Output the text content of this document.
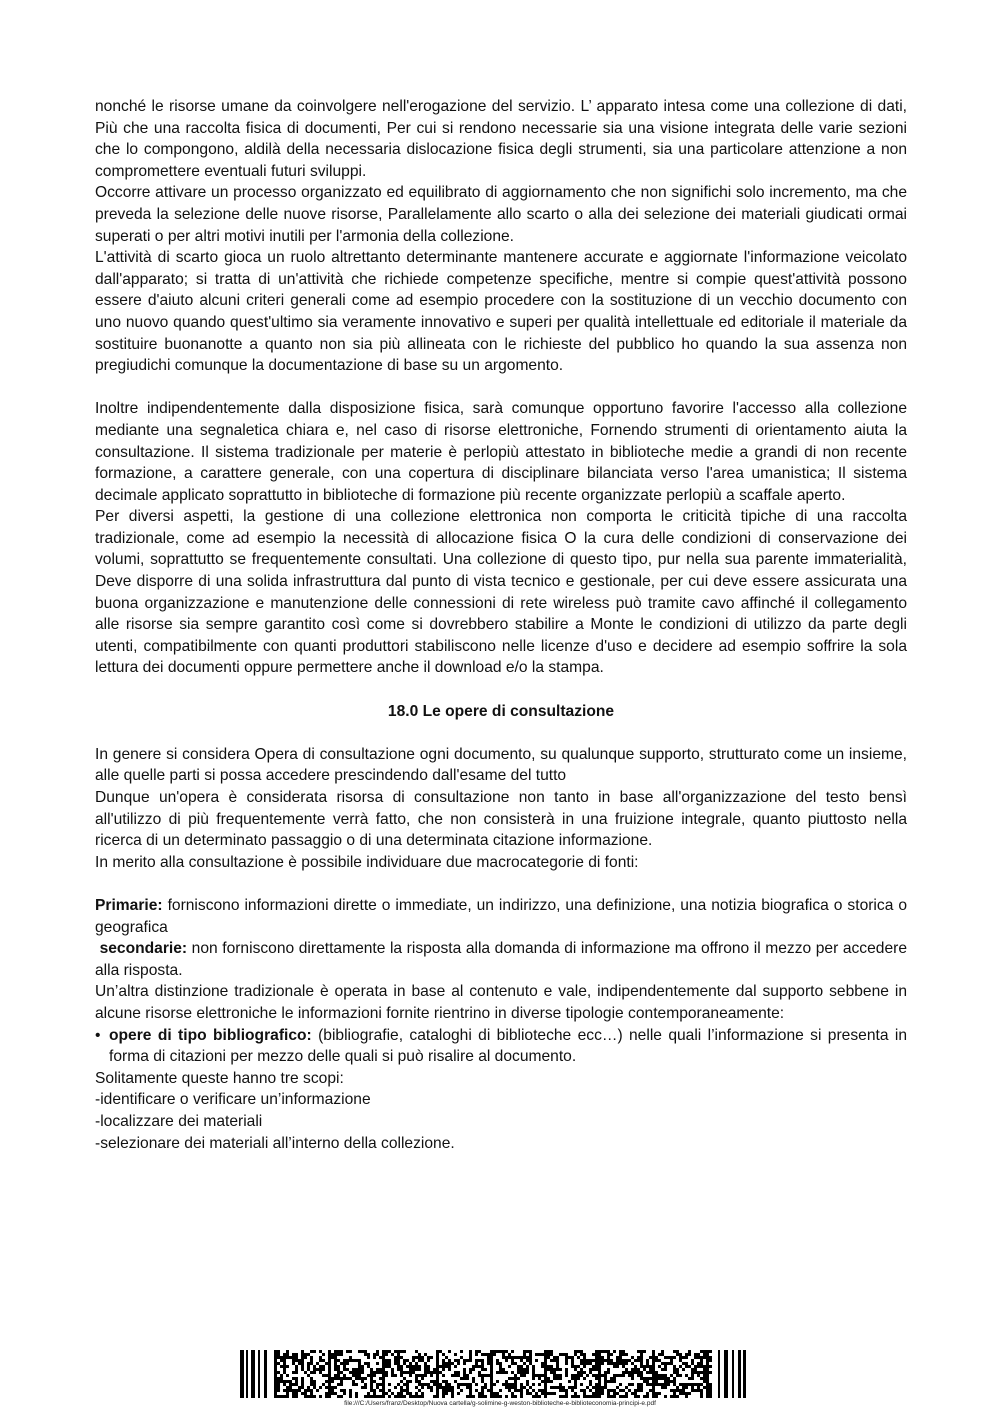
nonché le risorse umane da coinvolgere nell'erogazione del servizio. L’ apparato intesa come una collezione di dati, Più che una raccolta fisica di documenti, Per cui si rendono necessarie sia una visione integrata delle varie sezioni che lo compongono, aldilà della necessaria dislocazione fisica degli strumenti, sia una particolare attenzione a non compromettere eventuali futuri sviluppi.

Occorre attivare un processo organizzato ed equilibrato di aggiornamento che non significhi solo incremento, ma che preveda la selezione delle nuove risorse, Parallelamente allo scarto o alla dei selezione dei materiali giudicati ormai superati o per altri motivi inutili per l'armonia della collezione.

L'attività di scarto gioca un ruolo altrettanto determinante mantenere accurate e aggiornate l'informazione veicolato dall'apparato; si tratta di un'attività che richiede competenze specifiche, mentre si compie quest'attività possono essere d'aiuto alcuni criteri generali come ad esempio procedere con la sostituzione di un vecchio documento con uno nuovo quando quest'ultimo sia veramente innovativo e superi per qualità intellettuale ed editoriale il materiale da sostituire buonanotte a quanto non sia più allineata con le richieste del pubblico ho quando la sua assenza non pregiudichi comunque la documentazione di base su un argomento.

Inoltre indipendentemente dalla disposizione fisica, sarà comunque opportuno favorire l'accesso alla collezione mediante una segnaletica chiara e, nel caso di risorse elettroniche, Fornendo strumenti di orientamento aiuta la consultazione. Il sistema tradizionale per materie è perlopiù attestato in biblioteche medie a grandi di non recente formazione, a carattere generale, con una copertura di disciplinare bilanciata verso l'area umanistica; Il sistema decimale applicato soprattutto in biblioteche di formazione più recente organizzate perlopiù a scaffale aperto.

Per diversi aspetti, la gestione di una collezione elettronica non comporta le criticità tipiche di una raccolta tradizionale, come ad esempio la necessità di allocazione fisica O la cura delle condizioni di conservazione dei volumi, soprattutto se frequentemente consultati. Una collezione di questo tipo, pur nella sua parente immaterialità, Deve disporre di una solida infrastruttura dal punto di vista tecnico e gestionale, per cui deve essere assicurata una buona organizzazione e manutenzione delle connessioni di rete wireless può tramite cavo affinché il collegamento alle risorse sia sempre garantito così come si dovrebbero stabilire a Monte le condizioni di utilizzo da parte degli utenti, compatibilmente con quanti produttori stabiliscono nelle licenze d'uso e decidere ad esempio soffrire la sola lettura dei documenti oppure permettere anche il download e/o la stampa.

18.0 Le opere di consultazione

In genere si considera Opera di consultazione ogni documento, su qualunque supporto, strutturato come un insieme, alle quelle parti si possa accedere prescindendo dall'esame del tutto

Dunque un'opera è considerata risorsa di consultazione non tanto in base all'organizzazione del testo bensì all'utilizzo di più frequentemente verrà fatto, che non consisterà in una fruizione integrale, quanto piuttosto nella ricerca di un determinato passaggio o di una determinata citazione informazione.

In merito alla consultazione è possibile individuare due macrocategorie di fonti:

Primarie: forniscono informazioni dirette o immediate, un indirizzo, una definizione, una notizia biografica o storica o geografica

secondarie: non forniscono direttamente la risposta alla domanda di informazione ma offrono il mezzo per accedere alla risposta.

Un’altra distinzione tradizionale è operata in base al contenuto e vale, indipendentemente dal supporto sebbene in alcune risorse elettroniche le informazioni fornite rientrino in diverse tipologie contemporaneamente:

• opere di tipo bibliografico: (bibliografie, cataloghi di biblioteche ecc…) nelle quali l’informazione si presenta in forma di citazioni per mezzo delle quali si può risalire al documento.

Solitamente queste hanno tre scopi:

-identificare o verificare un’informazione

-localizzare dei materiali

-selezionare dei materiali all’interno della collezione.

file:///C:/Users/franz/Desktop/Nuova cartella/g-solimine-g-weston-biblioteche-e-biblioteconomia-principi-e.pdf
